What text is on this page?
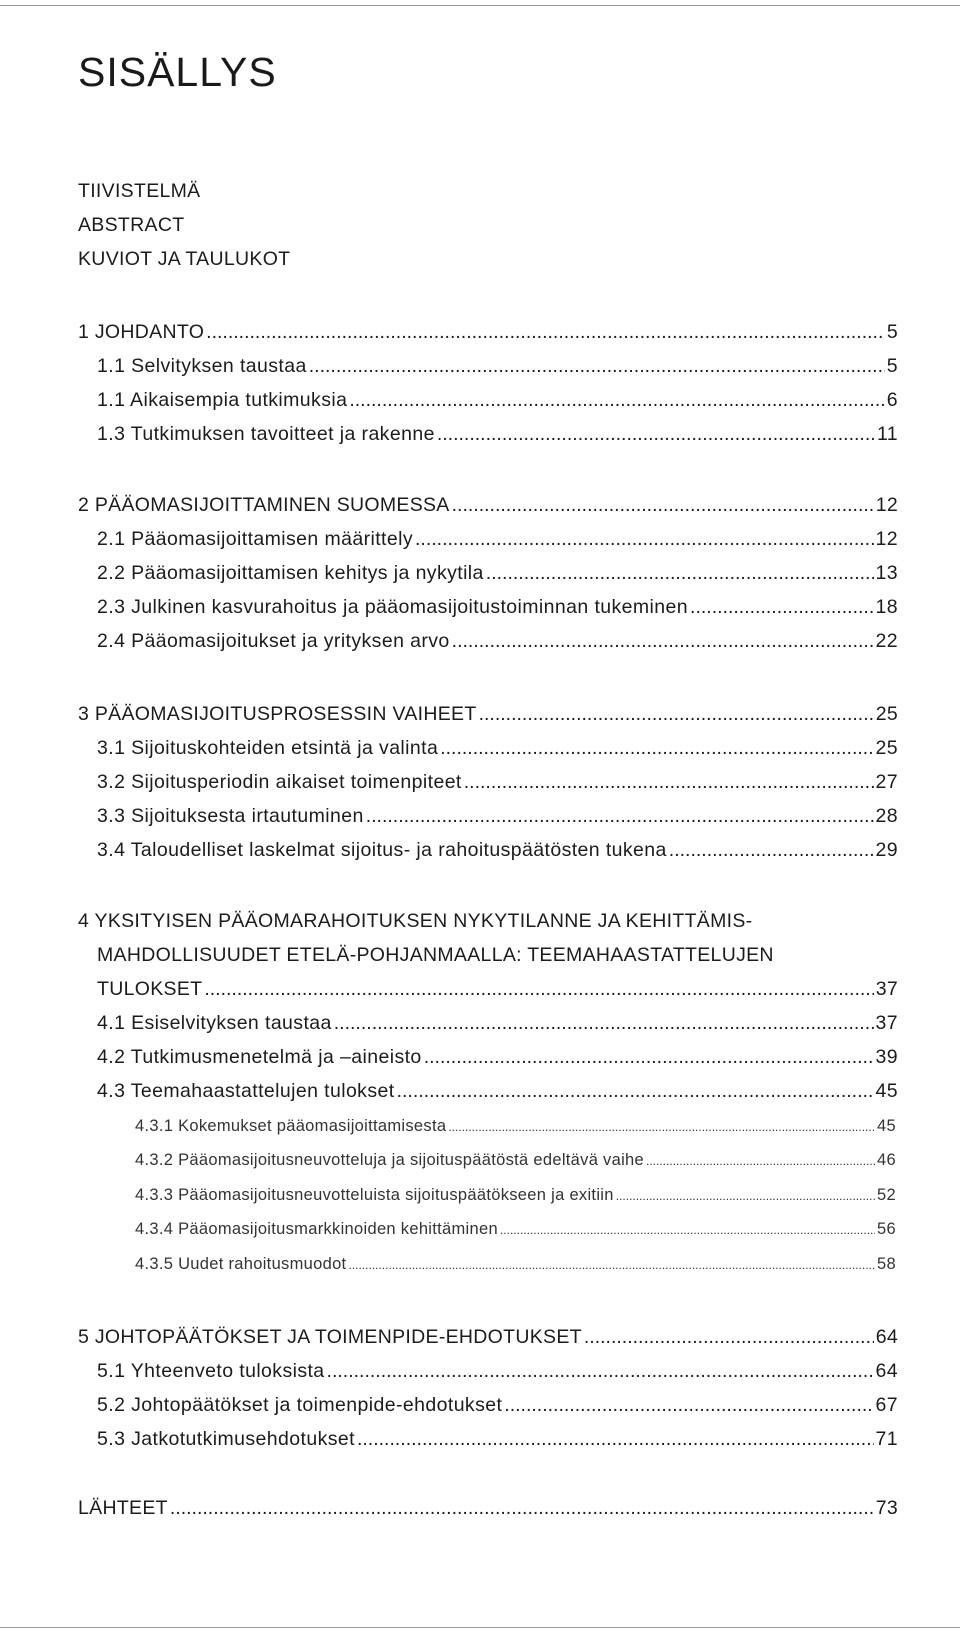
SISÄLLYS
TIIVISTELMÄ
ABSTRACT
KUVIOT JA TAULUKOT
1 JOHDANTO .....	5
1.1 Selvityksen taustaa .....	5
1.1 Aikaisempia tutkimuksia .....	6
1.3 Tutkimuksen tavoitteet ja rakenne .....	11
2 PÄÄOMASIJOITTAMINEN SUOMESSA .....	12
2.1 Pääomasijoittamisen määrittely .....	12
2.2 Pääomasijoittamisen kehitys ja nykytila .....	13
2.3 Julkinen kasvurahoitus ja pääomasijoitustoiminnan tukeminen .....	18
2.4 Pääomasijoitukset ja yrityksen arvo .....	22
3 PÄÄOMASIJOITUSPROSESSIN VAIHEET .....	25
3.1 Sijoituskohteiden etsintä ja valinta .....	25
3.2 Sijoitusperiodin aikaiset toimenpiteet .....	27
3.3 Sijoituksesta irtautuminen .....	28
3.4 Taloudelliset laskelmat sijoitus- ja rahoituspäätösten tukena .....	29
4 YKSITYISEN PÄÄOMARAHOITUKSEN NYKYTILANNE JA KEHITTÄMIS-
MAHDOLLISUUDET ETELÄ-POHJANMAALLA: TEEMAHAASTATTELUJEN
TULOKSET .....	37
4.1 Esiselvityksen taustaa .....	37
4.2 Tutkimusmenetelmä ja –aineisto .....	39
4.3 Teemahaastattelujen tulokset .....	45
4.3.1 Kokemukset pääomasijoittamisesta .....	45
4.3.2 Pääomasijoitusneuvotteluja ja sijoituspäätöstä edeltävä vaihe .....	46
4.3.3 Pääomasijoitusneuvotteluista sijoituspäätökseen ja exitiin .....	52
4.3.4 Pääomasijoitusmarkkinoiden kehittäminen .....	56
4.3.5 Uudet rahoitusmuodot .....	58
5 JOHTOPÄÄTÖKSET JA TOIMENPIDE-EHDOTUKSET .....	64
5.1 Yhteenveto tuloksista .....	64
5.2 Johtopäätökset ja toimenpide-ehdotukset .....	67
5.3 Jatkotutkimusehdotukset .....	71
LÄHTEET .....	73
